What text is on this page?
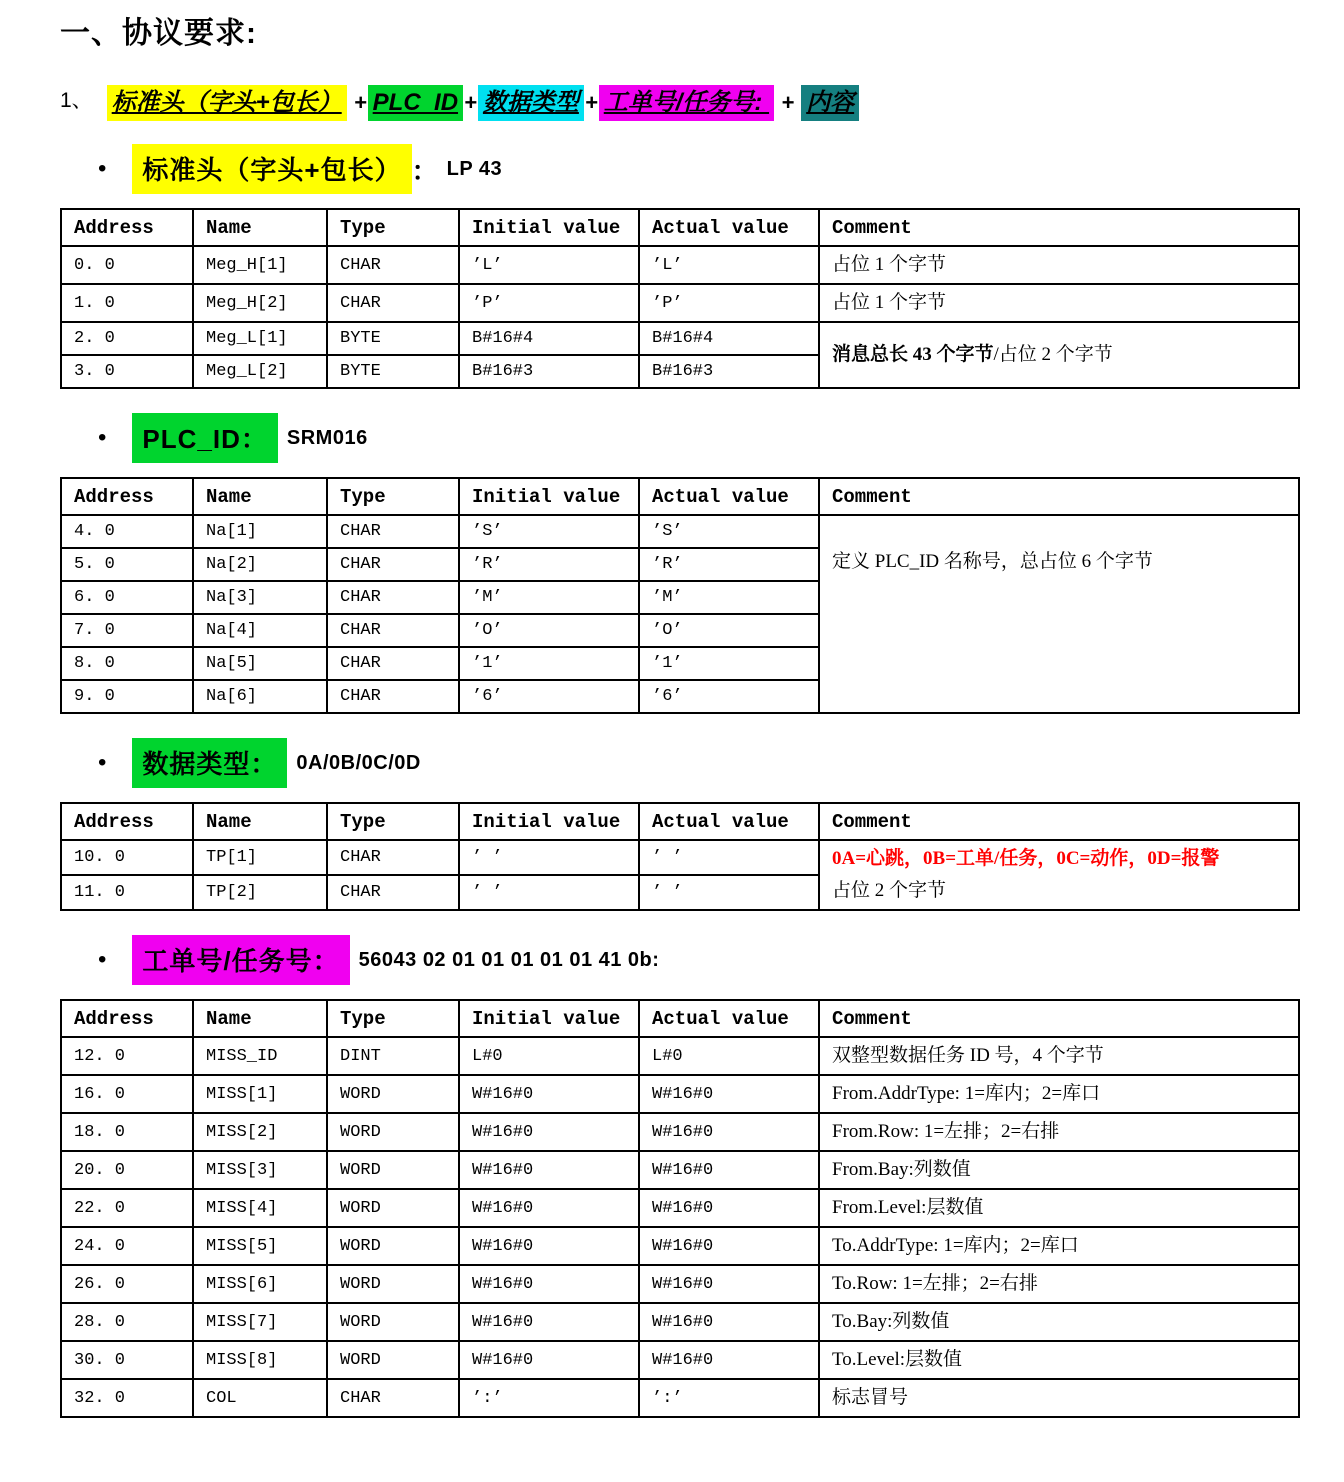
一、协议要求:
1、 标准头（字头+包长） + PLC_ID + 数据类型 + 工单号/任务号:  + 内容
•	标准头（字头+包长） ： LP 43
Address	Name	Type	Initial value	Actual value	Comment
0. 0	Meg_H[1]	CHAR	’L’	’L’	占位 1 个字节

1. 0	Meg_H[2]	CHAR	’P’	’P’	占位 1 个字节

2. 0	Meg_L[1]	BYTE	B#16#4	B#16#4	消息总长 43 个字节/占位 2 个字节

3. 0	Meg_L[2]	BYTE	B#16#3	B#16#3	
•	PLC_ID： SRM016
Address	Name	Type	Initial value	Actual value	Comment
4. 0	Na[1]	CHAR	’S’	’S’	定义 PLC_ID 名称号，总占位 6 个字节

5. 0	Na[2]	CHAR	’R’	’R’	
6. 0	Na[3]	CHAR	’M’	’M’	
7. 0	Na[4]	CHAR	’O’	’O’	
8. 0	Na[5]	CHAR	’1’	’1’	
9. 0	Na[6]	CHAR	’6’	’6’	
•	数据类型： 0A/0B/0C/0D
Address	Name	Type	Initial value	Actual value	Comment
10. 0	TP[1]	CHAR	’ ’	’ ’	0A=心跳，0B=工单/任务，0C=动作，0D=报警
占位 2 个字节

11. 0	TP[2]	CHAR	’ ’	’ ’	
•	工单号/任务号： 56043 02 01 01 01 01 01 41 0b:
Address	Name	Type	Initial value	Actual value	Comment
12. 0	MISS_ID	DINT	L#0	L#0	双整型数据任务 ID 号，4 个字节

16. 0	MISS[1]	WORD	W#16#0	W#16#0	From.AddrType: 1=库内；2=库口

18. 0	MISS[2]	WORD	W#16#0	W#16#0	From.Row: 1=左排；2=右排

20. 0	MISS[3]	WORD	W#16#0	W#16#0	From.Bay:列数值

22. 0	MISS[4]	WORD	W#16#0	W#16#0	From.Level:层数值

24. 0	MISS[5]	WORD	W#16#0	W#16#0	To.AddrType: 1=库内；2=库口

26. 0	MISS[6]	WORD	W#16#0	W#16#0	To.Row: 1=左排；2=右排

28. 0	MISS[7]	WORD	W#16#0	W#16#0	To.Bay:列数值

30. 0	MISS[8]	WORD	W#16#0	W#16#0	To.Level:层数值

32. 0	COL	CHAR	’:’	’:’	标志冒号
